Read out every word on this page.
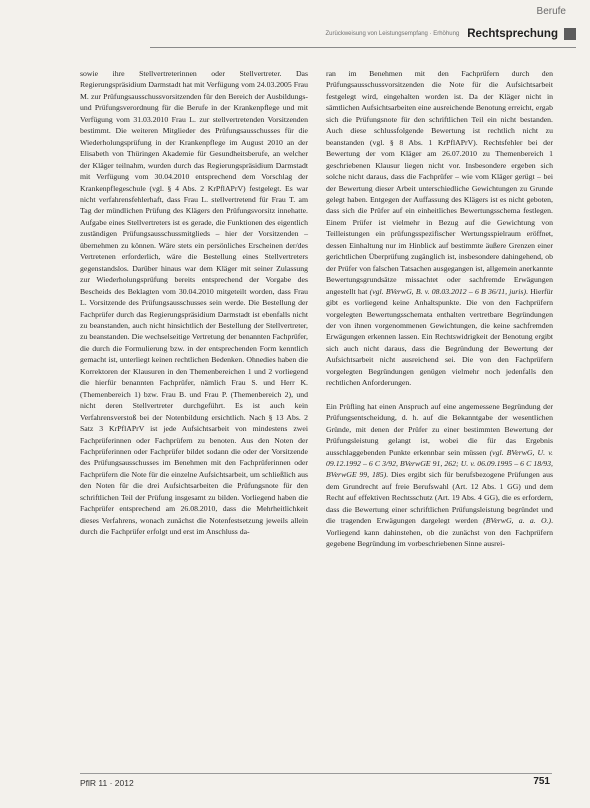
Berufe
Zurückweisung von Leistungsempfang · Erhöhung Rechtsprechung

sowie ihre Stellvertreterinnen oder Stellvertreter. Das Regierungspräsidium Darmstadt hat mit Verfügung vom 24.03.2005 Frau M. zur Prüfungsausschussvorsitzenden für den Bereich der Ausbildungs- und Prüfungsverordnung für die Berufe in der Krankenpflege und mit Verfügung vom 31.03.2010 Frau L. zur stellvertretenden Vorsitzenden bestimmt. Die weiteren Mitglieder des Prüfungsausschusses für die Wiederholungsprüfung in der Krankenpflege im August 2010 an der Elisabeth von Thüringen Akademie für Gesundheitsberufe, an welcher der Kläger teilnahm, wurden durch das Regierungspräsidium Darmstadt mit Verfügung vom 30.04.2010 entsprechend dem Vorschlag der Krankenpflegeschule (vgl. § 4 Abs. 2 KrPflAPrV) festgelegt. Es war nicht verfahrensfehlerhaft, dass Frau L. stellvertretend für Frau T. am Tag der mündlichen Prüfung des Klägers den Prüfungsvorsitz innehatte. Aufgabe eines Stellvertreters ist es gerade, die Funktionen des eigentlich zuständigen Prüfungsausschussmitglieds – hier der Vorsitzenden – übernehmen zu können. Wäre stets ein persönliches Erscheinen der/des Vertretenen erforderlich, wäre die Bestellung eines Stellvertreters gegenstandslos. Darüber hinaus war dem Kläger mit seiner Zulassung zur Wiederholungsprüfung bereits entsprechend der Vorgabe des Bescheids des Beklagten vom 30.04.2010 mitgeteilt worden, dass Frau L. Vorsitzende des Prüfungsausschusses sein werde. Die Bestellung der Fachprüfer durch das Regierungspräsidium Darmstadt ist ebenfalls nicht zu beanstanden, auch nicht hinsichtlich der Bestellung der Stellvertreter, zu beanstanden. Die wechselseitige Vertretung der benannten Fachprüfer, die durch die Formulierung bzw. in der entsprechenden Form kenntlich gemacht ist, unterliegt keinen rechtlichen Bedenken. Ohnedies haben die Korrektoren der Klausuren in den Themenbereichen 1 und 2 vorliegend die hierfür benannten Fachprüfer, nämlich Frau S. und Herr K. (Themenbereich 1) bzw. Frau B. und Frau P. (Themenbereich 2), und nicht deren Stellvertreter durchgeführt. Es ist auch kein Verfahrensverstoß bei der Notenbildung ersichtlich. Nach § 13 Abs. 2 Satz 3 KrPflAPrV ist jede Aufsichtsarbeit von mindestens zwei Fachprüferinnen oder Fachprüfern zu benoten. Aus den Noten der Fachprüferinnen oder Fachprüfer bildet sodann die oder der Vorsitzende des Prüfungsausschusses im Benehmen mit den Fachprüferinnen oder Fachprüfern die Note für die einzelne Aufsichtsarbeit, um schließlich aus den Noten für die drei Aufsichtsarbeiten die Prüfungsnote für den schriftlichen Teil der Prüfung insgesamt zu bilden. Vorliegend haben die Fachprüfer entsprechend am 26.08.2010, dass die Mehrheitlichkeit dieses Verfahrens, wonach zunächst die Notenfestsetzung jeweils allein durch die Fachprüfer erfolgt und erst im Anschluss da-

ran im Benehmen mit den Fachprüfern durch den Prüfungsausschussvorsitzenden die Note für die Aufsichtsarbeit festgelegt wird, eingehalten worden ist. Da der Kläger nicht in sämtlichen Aufsichtsarbeiten eine ausreichende Benotung erreicht, ergab sich die Prüfungsnote für den schriftlichen Teil ein nicht bestanden. Auch diese schlussfolgende Bewertung ist rechtlich nicht zu beanstanden (vgl. § 8 Abs. 1 KrPflAPrV). Rechtsfehler bei der Bewertung der vom Kläger am 26.07.2010 zu Themenbereich 1 geschriebenen Klausur liegen nicht vor. Insbesondere ergeben sich solche nicht daraus, dass die Fachprüfer – wie vom Kläger gerügt – bei der Bewertung dieser Arbeit unterschiedliche Gewichtungen zu Grunde gelegt haben. Entgegen der Auffassung des Klägers ist es nicht geboten, dass sich die Prüfer auf ein einheitliches Bewertungsschema festlegen. Einem Prüfer ist vielmehr in Bezug auf die Gewichtung von Teilleistungen ein prüfungsspezifischer Wertungsspielraum eröffnet, dessen Einhaltung nur im Hinblick auf bestimmte äußere Grenzen einer gerichtlichen Überprüfung zugänglich ist, insbesondere dahingehend, ob der Prüfer von falschen Tatsachen ausgegangen ist, allgemein anerkannte Bewertungsgrundsätze missachtet oder sachfremde Erwägungen angestellt hat (vgl. BVerwG, B. v. 08.03.2012 – 6 B 36/11, juris). Hierfür gibt es vorliegend keine Anhaltspunkte. Die von den Fachprüfern vorgelegten Bewertungsschemata enthalten vertretbare Begründungen der von ihnen vorgenommenen Gewichtungen, die keine sachfremden Erwägungen erkennen lassen. Ein Rechtswidrigkeit der Benotung ergibt sich auch nicht daraus, dass die Begründung der Bewertung der Aufsichtsarbeit nicht ausreichend sei. Die von den Fachprüfern vorgelegten Begründungen genügen vielmehr noch jedenfalls den rechtlichen Anforderungen.

Ein Prüfling hat einen Anspruch auf eine angemessene Begründung der Prüfungsentscheidung, d. h. auf die Bekanntgabe der wesentlichen Gründe, mit denen der Prüfer zu einer bestimmten Bewertung der Prüfungsleistung gelangt ist, wobei die für das Ergebnis ausschlaggebenden Punkte erkennbar sein müssen (vgl. BVerwG, U. v. 09.12.1992 – 6 C 3/92, BVerwGE 91, 262; U. v. 06.09.1995 – 6 C 18/93, BVerwGE 99, 185). Dies ergibt sich für berufsbezogene Prüfungen aus dem Grundrecht auf freie Berufswahl (Art. 12 Abs. 1 GG) und dem Recht auf effektiven Rechtsschutz (Art. 19 Abs. 4 GG), die es erfordern, dass die Bewertung einer schriftlichen Prüfungsleistung begründet und die tragenden Erwägungen dargelegt werden (BVerwG, a. a. O.). Vorliegend kann dahinstehen, ob die zunächst von den Fachprüfern gegebene Begründung im vorbeschriebenen Sinne ausrei-

PflR 11 · 2012	751
